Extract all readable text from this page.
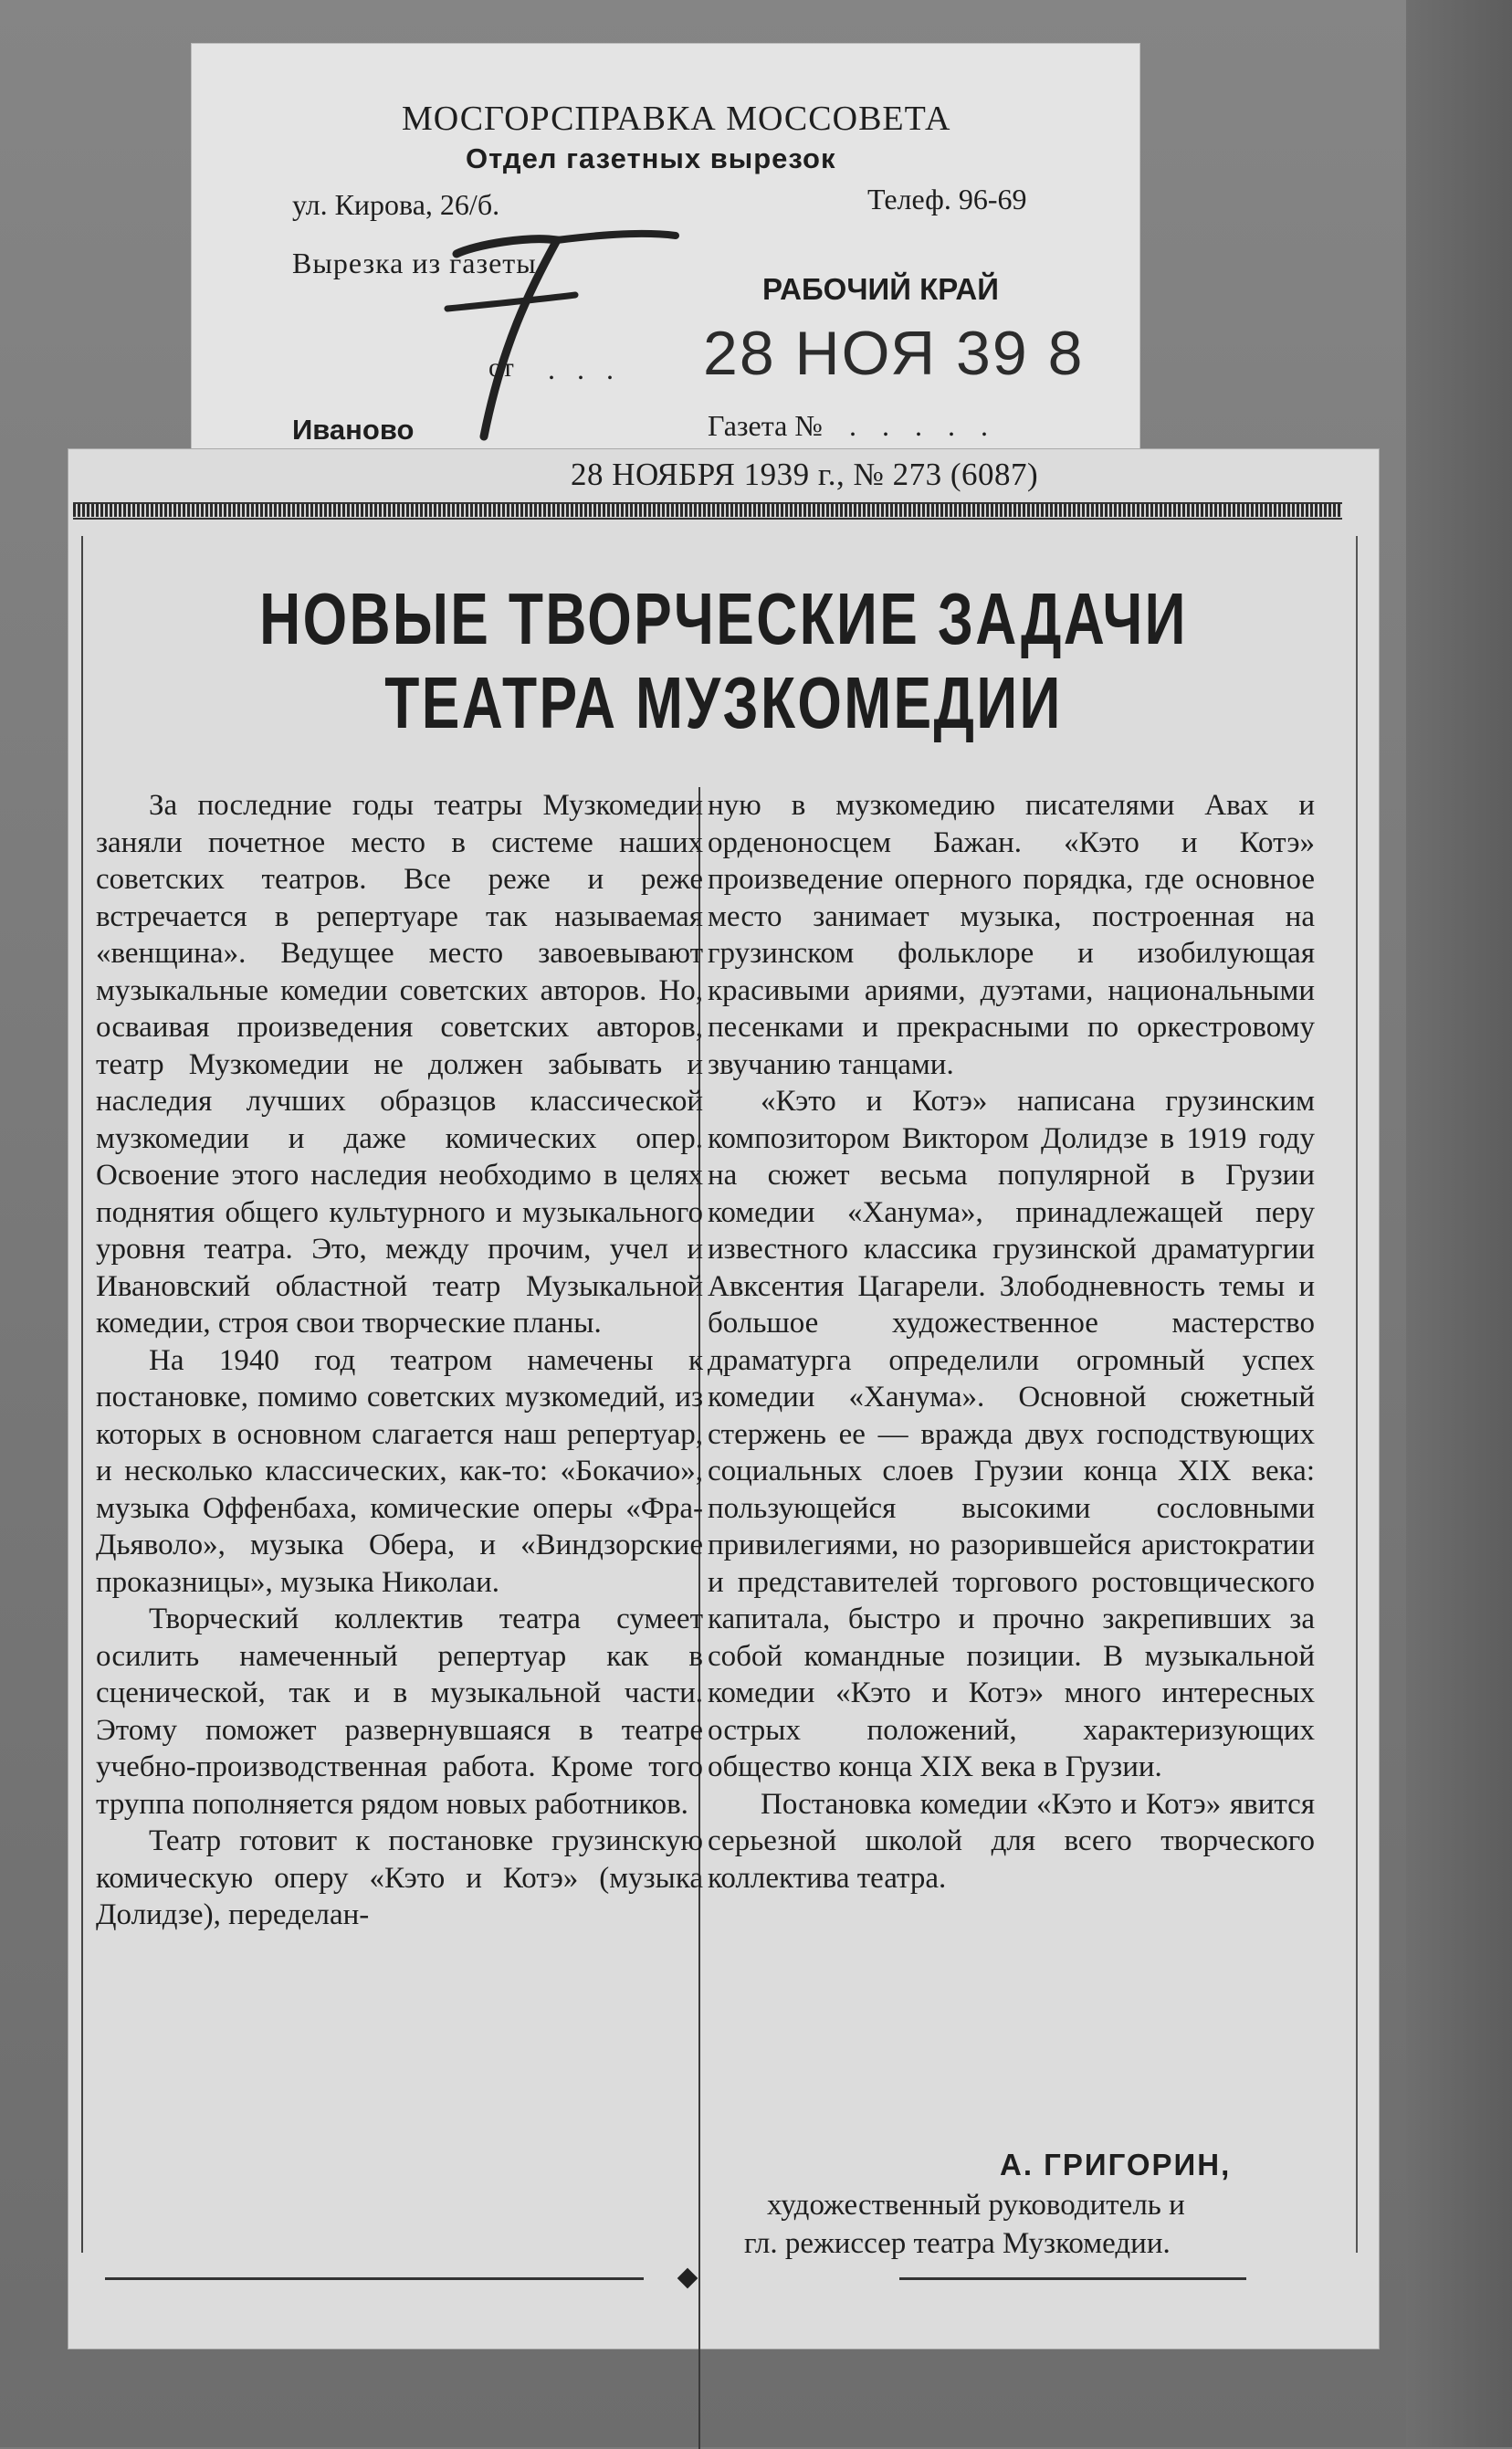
МОСГОРСПРАВКА МОССОВЕТА
Отдел газетных вырезок
ул. Кирова, 26/б.	Телеф. 96-69
Вырезка из газеты
РАБОЧИЙ КРАЙ
от . . . 28 НОЯ 39 8
Иваново	Газета № . . . . .
28 НОЯБРЯ 1939 г., № 273 (6087)
НОВЫЕ ТВОРЧЕСКИЕ ЗАДАЧИ
ТЕАТРА МУЗКОМЕДИИ

За последние годы театры Музкомедии заняли почетное место в системе наших советских театров. Все реже и реже встречается в репертуаре так называемая «венщина». Ведущее место завоевывают музыкальные комедии советских авторов. Но, осваивая произведения советских авторов, театр Музкомедии не должен забывать и наследия лучших образцов классической музкомедии и даже комических опер. Освоение этого наследия необходимо в целях поднятия общего культурного и музыкального уровня театра. Это, между прочим, учел и Ивановский областной театр Музыкальной комедии, строя свои творческие планы.

На 1940 год театром намечены к постановке, помимо советских музкомедий, из которых в основном слагается наш репертуар, и несколько классических, как-то: «Бокачио», музыка Оффенбаха, комические оперы «Фра-Дьяволо», музыка Обера, и «Виндзорские проказницы», музыка Николаи.

Творческий коллектив театра сумеет осилить намеченный репертуар как в сценической, так и в музыкальной части. Этому поможет развернувшаяся в театре учебно-производственная работа. Кроме того труппа пополняется рядом новых работников.

Театр готовит к постановке грузинскую комическую оперу «Кэто и Котэ» (музыка Долидзе), переделан-

ную в музкомедию писателями Авах и орденоносцем Бажан. «Кэто и Котэ» произведение оперного порядка, где основное место занимает музыка, построенная на грузинском фольклоре и изобилующая красивыми ариями, дуэтами, национальными песенками и прекрасными по оркестровому звучанию танцами.

«Кэто и Котэ» написана грузинским композитором Виктором Долидзе в 1919 году на сюжет весьма популярной в Грузии комедии «Ханума», принадлежащей перу известного классика грузинской драматургии Авксентия Цагарели. Злободневность темы и большое художественное мастерство драматурга определили огромный успех комедии «Ханума». Основной сюжетный стержень ее — вражда двух господствующих социальных слоев Грузии конца XIX века: пользующейся высокими сословными привилегиями, но разорившейся аристократии и представителей торгового ростовщического капитала, быстро и прочно закрепивших за собой командные позиции. В музыкальной комедии «Кэто и Котэ» много интересных острых положений, характеризующих общество конца XIX века в Грузии.

Постановка комедии «Кэто и Котэ» явится серьезной школой для всего творческого коллектива театра.

А. ГРИГОРИН,
художественный руководитель и
гл. режиссер театра Музкомедии.
